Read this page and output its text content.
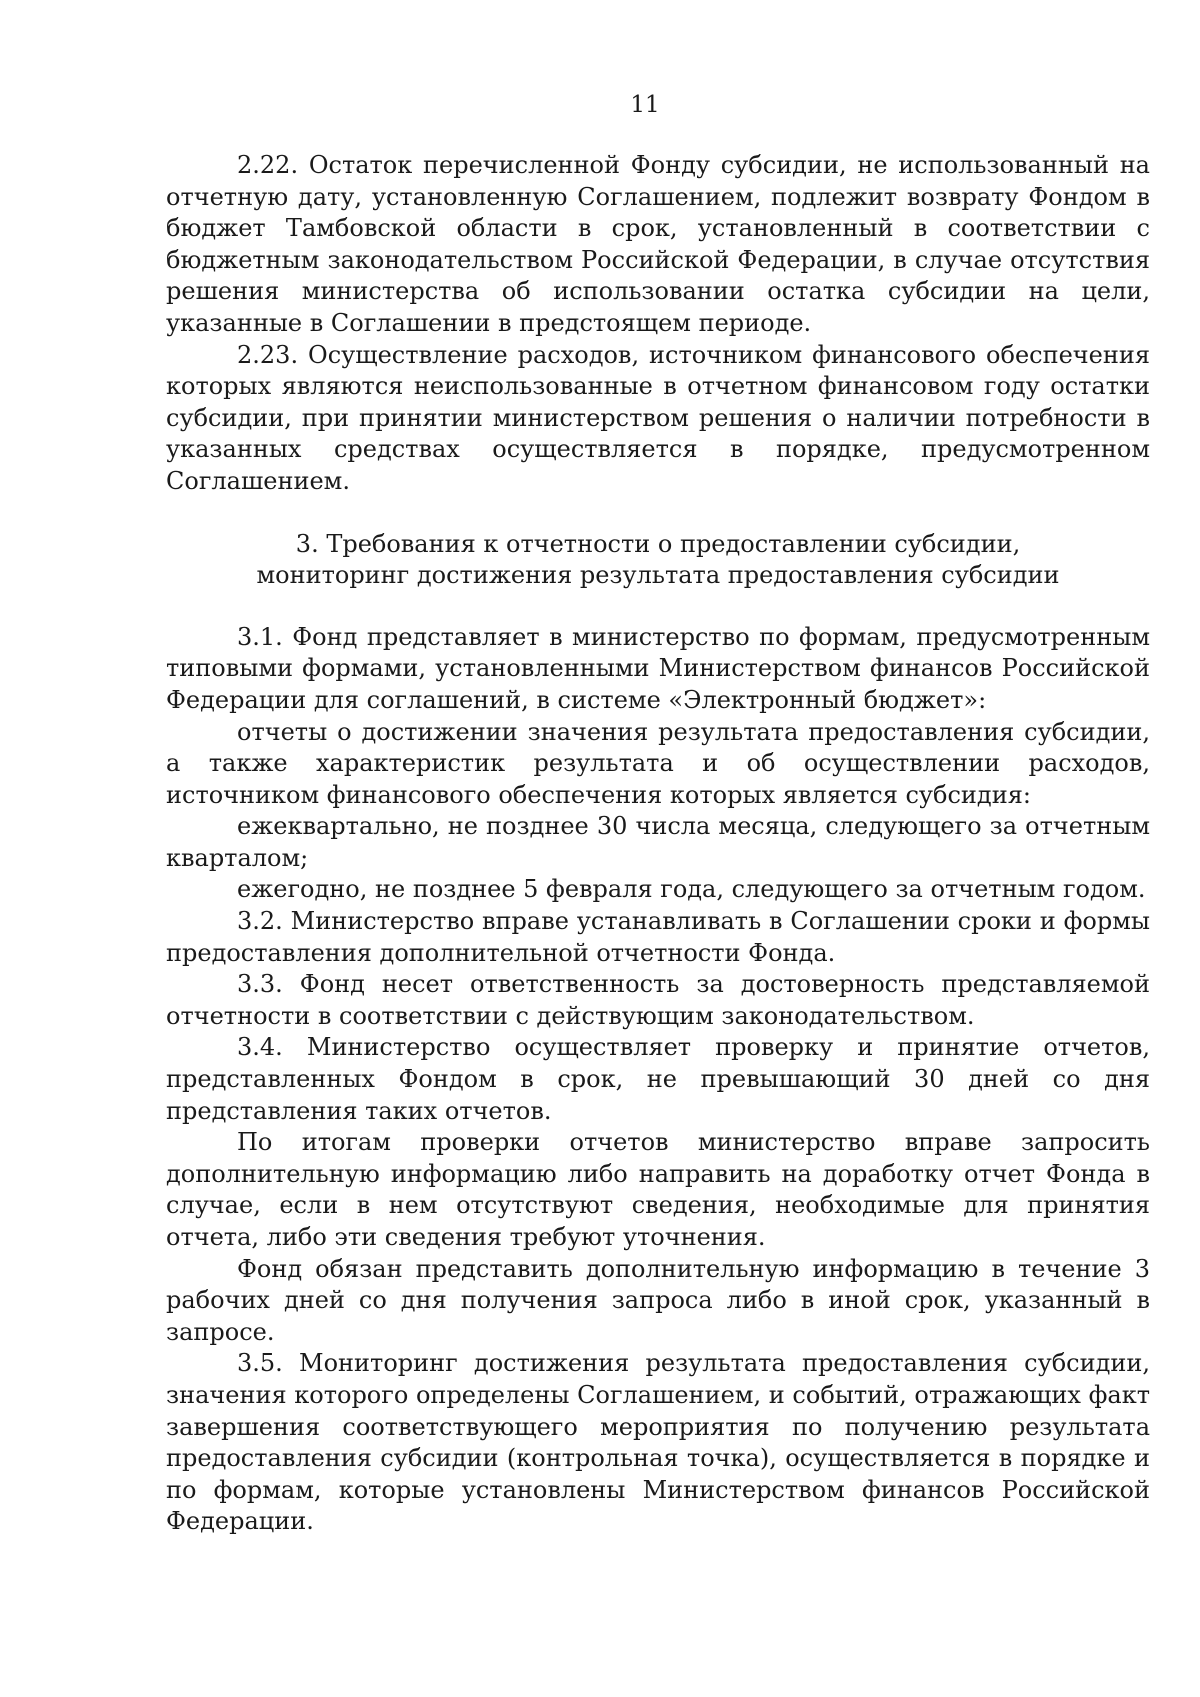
11

2.22. Остаток перечисленной Фонду субсидии, не использованный на отчетную дату, установленную Соглашением, подлежит возврату Фондом в бюджет Тамбовской области в срок, установленный в соответствии с бюджетным законодательством Российской Федерации, в случае отсутствия решения министерства об использовании остатка субсидии на цели, указанные в Соглашении в предстоящем периоде.

2.23. Осуществление расходов, источником финансового обеспечения которых являются неиспользованные в отчетном финансовом году остатки субсидии, при принятии министерством решения о наличии потребности в указанных средствах осуществляется в порядке, предусмотренном Соглашением.

3. Требования к отчетности о предоставлении субсидии,
мониторинг достижения результата предоставления субсидии

3.1. Фонд представляет в министерство по формам, предусмотренным типовыми формами, установленными Министерством финансов Российской Федерации для соглашений, в системе «Электронный бюджет»:

отчеты о достижении значения результата предоставления субсидии, а также характеристик результата и об осуществлении расходов, источником финансового обеспечения которых является субсидия:

ежеквартально, не позднее 30 числа месяца, следующего за отчетным кварталом;

ежегодно, не позднее 5 февраля года, следующего за отчетным годом.

3.2. Министерство вправе устанавливать в Соглашении сроки и формы предоставления дополнительной отчетности Фонда.

3.3. Фонд несет ответственность за достоверность представляемой отчетности в соответствии с действующим законодательством.

3.4. Министерство осуществляет проверку и принятие отчетов, представленных Фондом в срок, не превышающий 30 дней со дня представления таких отчетов.

По итогам проверки отчетов министерство вправе запросить дополнительную информацию либо направить на доработку отчет Фонда в случае, если в нем отсутствуют сведения, необходимые для принятия отчета, либо эти сведения требуют уточнения.

Фонд обязан представить дополнительную информацию в течение 3 рабочих дней со дня получения запроса либо в иной срок, указанный в запросе.

3.5. Мониторинг достижения результата предоставления субсидии, значения которого определены Соглашением, и событий, отражающих факт завершения соответствующего мероприятия по получению результата предоставления субсидии (контрольная точка), осуществляется в порядке и по формам, которые установлены Министерством финансов Российской Федерации.
